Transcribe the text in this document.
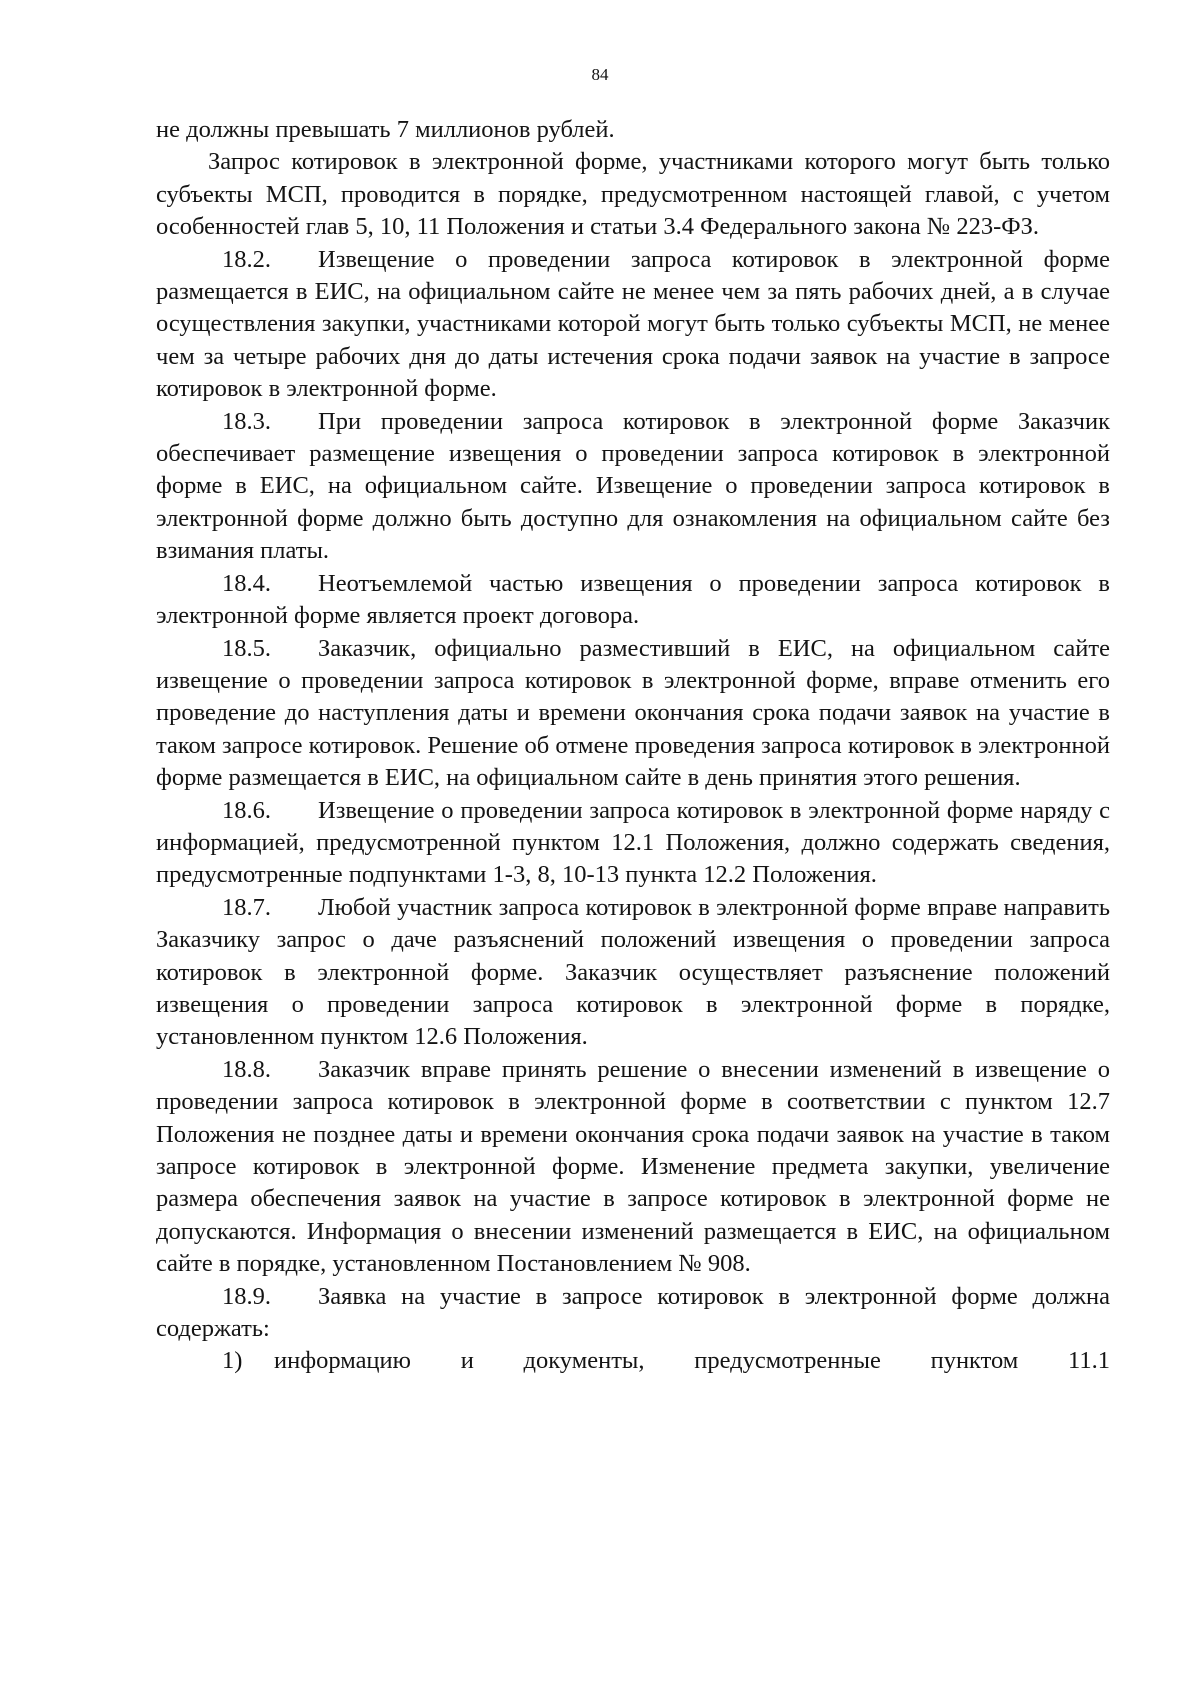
84

не должны превышать 7 миллионов рублей.

Запрос котировок в электронной форме, участниками которого могут быть только субъекты МСП, проводится в порядке, предусмотренном настоящей главой, с учетом особенностей глав 5, 10, 11 Положения и статьи 3.4 Федерального закона № 223-ФЗ.

18.2. Извещение о проведении запроса котировок в электронной форме размещается в ЕИС, на официальном сайте не менее чем за пять рабочих дней, а в случае осуществления закупки, участниками которой могут быть только субъекты МСП, не менее чем за четыре рабочих дня до даты истечения срока подачи заявок на участие в запросе котировок в электронной форме.

18.3. При проведении запроса котировок в электронной форме Заказчик обеспечивает размещение извещения о проведении запроса котировок в электронной форме в ЕИС, на официальном сайте. Извещение о проведении запроса котировок в электронной форме должно быть доступно для ознакомления на официальном сайте без взимания платы.

18.4. Неотъемлемой частью извещения о проведении запроса котировок в электронной форме является проект договора.

18.5. Заказчик, официально разместивший в ЕИС, на официальном сайте извещение о проведении запроса котировок в электронной форме, вправе отменить его проведение до наступления даты и времени окончания срока подачи заявок на участие в таком запросе котировок. Решение об отмене проведения запроса котировок в электронной форме размещается в ЕИС, на официальном сайте в день принятия этого решения.

18.6. Извещение о проведении запроса котировок в электронной форме наряду с информацией, предусмотренной пунктом 12.1 Положения, должно содержать сведения, предусмотренные подпунктами 1-3, 8, 10-13 пункта 12.2 Положения.

18.7. Любой участник запроса котировок в электронной форме вправе направить Заказчику запрос о даче разъяснений положений извещения о проведении запроса котировок в электронной форме. Заказчик осуществляет разъяснение положений извещения о проведении запроса котировок в электронной форме в порядке, установленном пунктом 12.6 Положения.

18.8. Заказчик вправе принять решение о внесении изменений в извещение о проведении запроса котировок в электронной форме в соответствии с пунктом 12.7 Положения не позднее даты и времени окончания срока подачи заявок на участие в таком запросе котировок в электронной форме. Изменение предмета закупки, увеличение размера обеспечения заявок на участие в запросе котировок в электронной форме не допускаются. Информация о внесении изменений размещается в ЕИС, на официальном сайте в порядке, установленном Постановлением № 908.

18.9. Заявка на участие в запросе котировок в электронной форме должна содержать:

1) информацию и документы, предусмотренные пунктом 11.1
